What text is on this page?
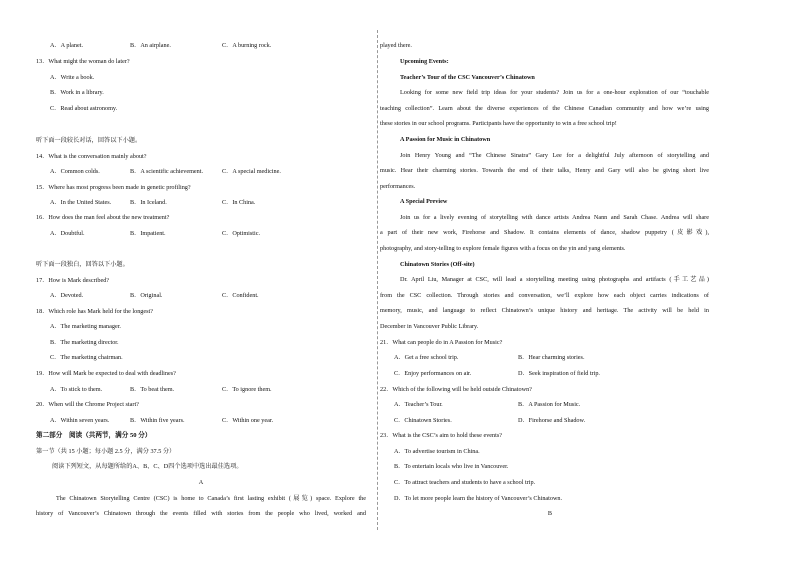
A．A planet.	B．An airplane.	C．A burning rock.
13．What might the woman do later?
A．Write a book.
B．Work in a library.
C．Read about astronomy.
听下面一段较长对话，回答以下小题。
14．What is the conversation mainly about?
A．Common colds.	B．A scientific achievement.	C．A special medicine.
15．Where has most progress been made in genetic profiling?
A．In the United States.	B．In Iceland.	C．In China.
16．How does the man feel about the new treatment?
A．Doubtful.	B．Impatient.	C．Optimistic.
听下面一段独白，回答以下小题。
17．How is Mark described?
A．Devoted.	B．Original.	C．Confident.
18．Which role has Mark held for the longest?
A．The marketing manager.
B．The marketing director.
C．The marketing chairman.
19．How will Mark be expected to deal with deadlines?
A．To stick to them.	B．To beat them.	C．To ignore them.
20．When will the Chrome Project start?
A．Within seven years.	B．Within five years.	C．Within one year.
第二部分　阅读（共两节，满分 50 分）
第一节（共 15 小题；每小题 2.5 分，满分 37.5 分）
阅读下列短文，从每题所给的A、B、C、D四个选项中选出最佳选项。
A
The Chinatown Storytelling Centre (CSC) is home to Canada’s first lasting exhibit (展览) space. Explore the
history of Vancouver’s Chinatown through the events filled with stories from the people who lived, worked and
played there.
Upcoming Events:
Teacher’s Tour of the CSC Vancouver’s Chinatown
Looking for some new field trip ideas for your students? Join us for a one-hour exploration of our “touchable
teaching collection”. Learn about the diverse experiences of the Chinese Canadian community and how we’re using
these stories in our school programs. Participants have the opportunity to win a free school trip!
A Passion for Music in Chinatown
Join Henry Young and “The Chinese Sinatra” Gary Lee for a delightful July afternoon of storytelling and
music. Hear their charming stories. Towards the end of their talks, Henry and Gary will also be giving short live
performances.
A Special Preview
Join us for a lively evening of storytelling with dance artists Andrea Nann and Sarah Chase. Andrea will share
a part of their new work, Firehorse and Shadow. It contains elements of dance, shadow puppetry (皮影戏),
photography, and story-telling to explore female figures with a focus on the yin and yang elements.
Chinatown Stories (Off-site)
Dr. April Liu, Manager at CSC, will lead a storytelling meeting using photographs and artifacts (手工艺品)
from the CSC collection. Through stories and conversation, we’ll explore how each object carries indications of
memory, music, and language to reflect Chinatown’s unique history and heritage. The activity will be held in
December in Vancouver Public Library.
21．What can people do in A Passion for Music?
A．Get a free school trip.	B．Hear charming stories.
C．Enjoy performances on air.	D．Seek inspiration of field trip.
22．Which of the following will be held outside Chinatown?
A．Teacher’s Tour.	B．A Passion for Music.
C．Chinatown Stories.	D．Firehorse and Shadow.
23．What is the CSC’s aim to hold these events?
A．To advertise tourism in China.
B．To entertain locals who live in Vancouver.
C．To attract teachers and students to have a school trip.
D．To let more people learn the history of Vancouver’s Chinatown.
B
